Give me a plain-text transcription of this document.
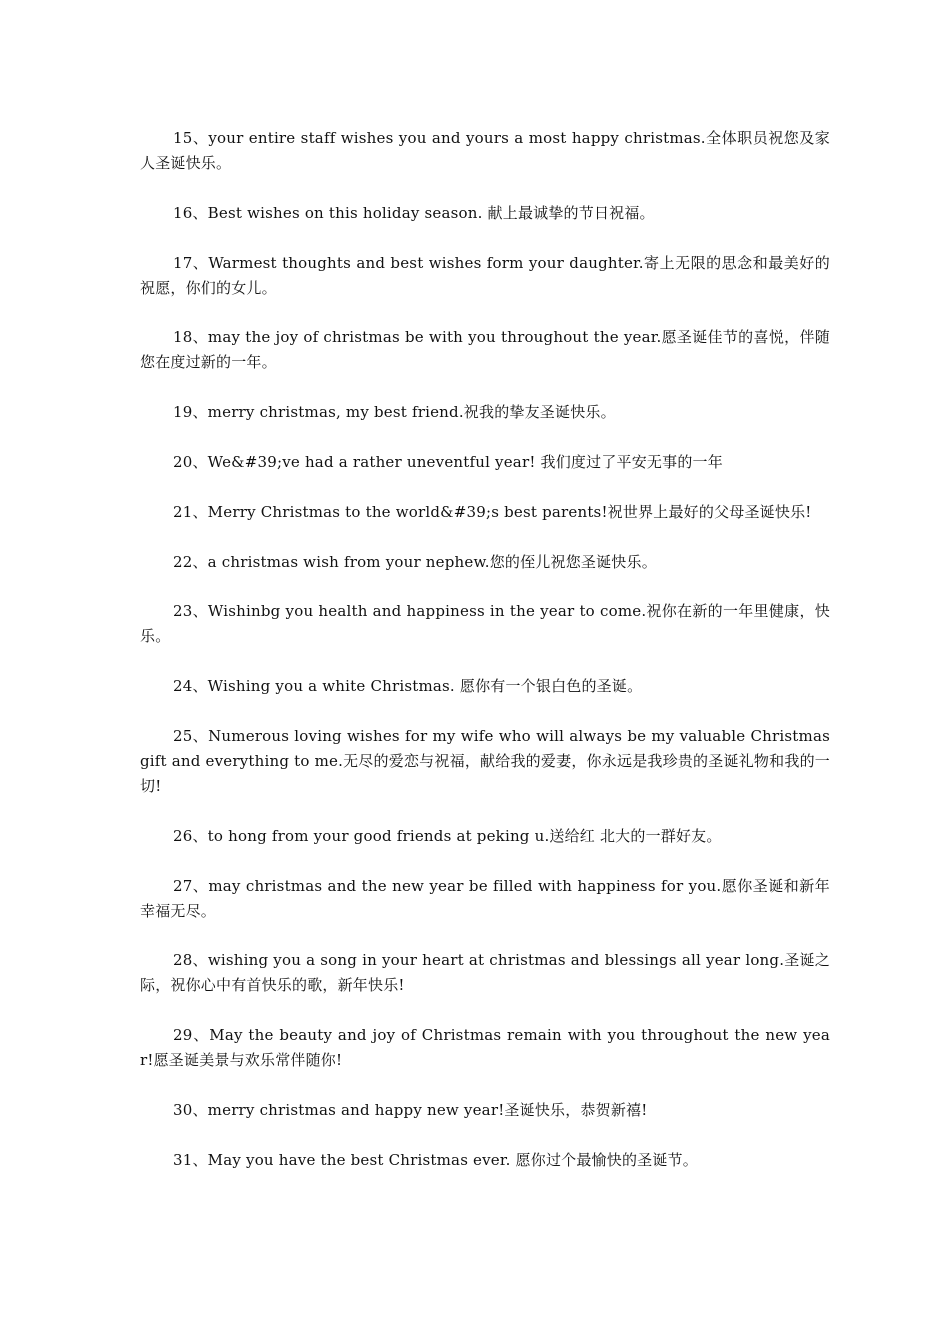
15、your entire staff wishes you and yours a most happy christmas.全体职员祝您及家人圣诞快乐。

16、Best wishes on this holiday season. 献上最诚挚的节日祝福。

17、Warmest thoughts and best wishes form your daughter.寄上无限的思念和最美好的祝愿，你们的女儿。

18、may the joy of christmas be with you throughout the year.愿圣诞佳节的喜悦，伴随您在度过新的一年。

19、merry christmas, my best friend.祝我的挚友圣诞快乐。

20、We&#39;ve had a rather uneventful year! 我们度过了平安无事的一年

21、Merry Christmas to the world&#39;s best parents!祝世界上最好的父母圣诞快乐!

22、a christmas wish from your nephew.您的侄儿祝您圣诞快乐。

23、Wishinbg you health and happiness in the year to come.祝你在新的一年里健康，快乐。

24、Wishing you a white Christmas. 愿你有一个银白色的圣诞。

25、Numerous loving wishes for my wife who will always be my valuable Christmas gift and everything to me.无尽的爱恋与祝福，献给我的爱妻，你永远是我珍贵的圣诞礼物和我的一切!

26、to hong from your good friends at peking u.送给红 北大的一群好友。

27、may christmas and the new year be filled with happiness for you.愿你圣诞和新年幸福无尽。

28、wishing you a song in your heart at christmas and blessings all year long.圣诞之际，祝你心中有首快乐的歌，新年快乐!

29、May the beauty and joy of Christmas remain with you throughout the new year!愿圣诞美景与欢乐常伴随你!

30、merry christmas and happy new year!圣诞快乐，恭贺新禧!

31、May you have the best Christmas ever. 愿你过个最愉快的圣诞节。
